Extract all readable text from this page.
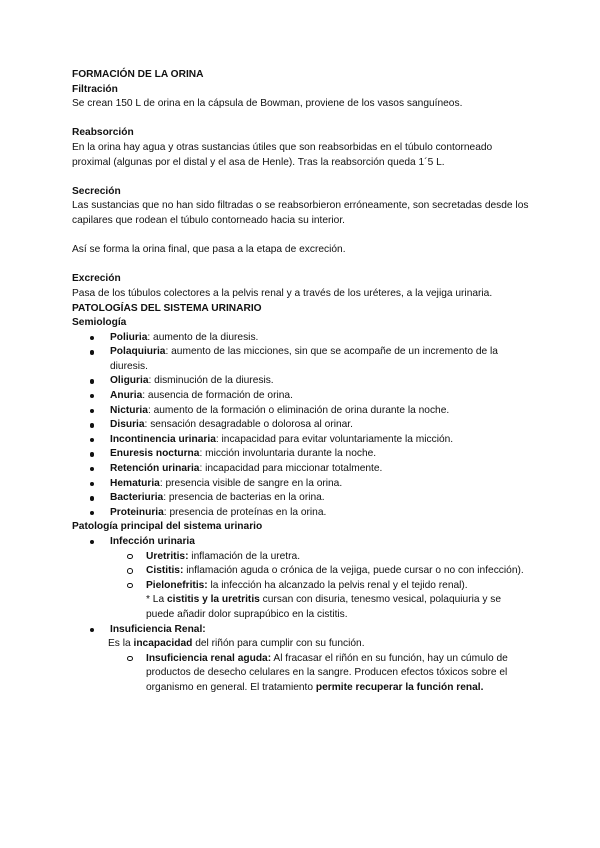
FORMACIÓN DE LA ORINA

Filtración

Se crean 150 L de orina en la cápsula de Bowman, proviene de los vasos sanguíneos.

Reabsorción

En la orina hay agua y otras sustancias útiles que son reabsorbidas en el túbulo contorneado proximal (algunas por el distal y el asa de Henle). Tras la reabsorción queda 1´5 L.

Secreción

Las sustancias que no han sido filtradas o se reabsorbieron erróneamente, son secretadas desde los capilares que rodean el túbulo contorneado hacia su interior.

Así se forma la orina final, que pasa a la etapa de excreción.

Excreción

Pasa de los túbulos colectores a la pelvis renal y a través de los uréteres, a la vejiga urinaria.

PATOLOGÍAS DEL SISTEMA URINARIO

Semiología

Poliuria: aumento de la diuresis.
Polaquiuria: aumento de las micciones, sin que se acompañe de un incremento de la diuresis.
Oliguria: disminución de la diuresis.
Anuria: ausencia de formación de orina.
Nicturia: aumento de la formación o eliminación de orina durante la noche.
Disuria: sensación desagradable o dolorosa al orinar.
Incontinencia urinaria: incapacidad para evitar voluntariamente la micción.
Enuresis nocturna: micción involuntaria durante la noche.
Retención urinaria: incapacidad para miccionar totalmente.
Hematuria: presencia visible de sangre en la orina.
Bacteriuria: presencia de bacterias en la orina.
Proteinuria: presencia de proteínas en la orina.

Patología principal del sistema urinario

Infección urinaria
Uretritis: inflamación de la uretra.
Cistitis: inflamación aguda o crónica de la vejiga, puede cursar o no con infección).
Pielonefritis: la infección ha alcanzado la pelvis renal y el tejido renal).
* La cistitis y la uretritis cursan con disuria, tenesmo vesical, polaquiuria y se puede añadir dolor suprapúbico en la cistitis.
Insuficiencia Renal:
Es la incapacidad del riñón para cumplir con su función.
Insuficiencia renal aguda: Al fracasar el riñón en su función, hay un cúmulo de productos de desecho celulares en la sangre. Producen efectos tóxicos sobre el organismo en general. El tratamiento permite recuperar la función renal.
